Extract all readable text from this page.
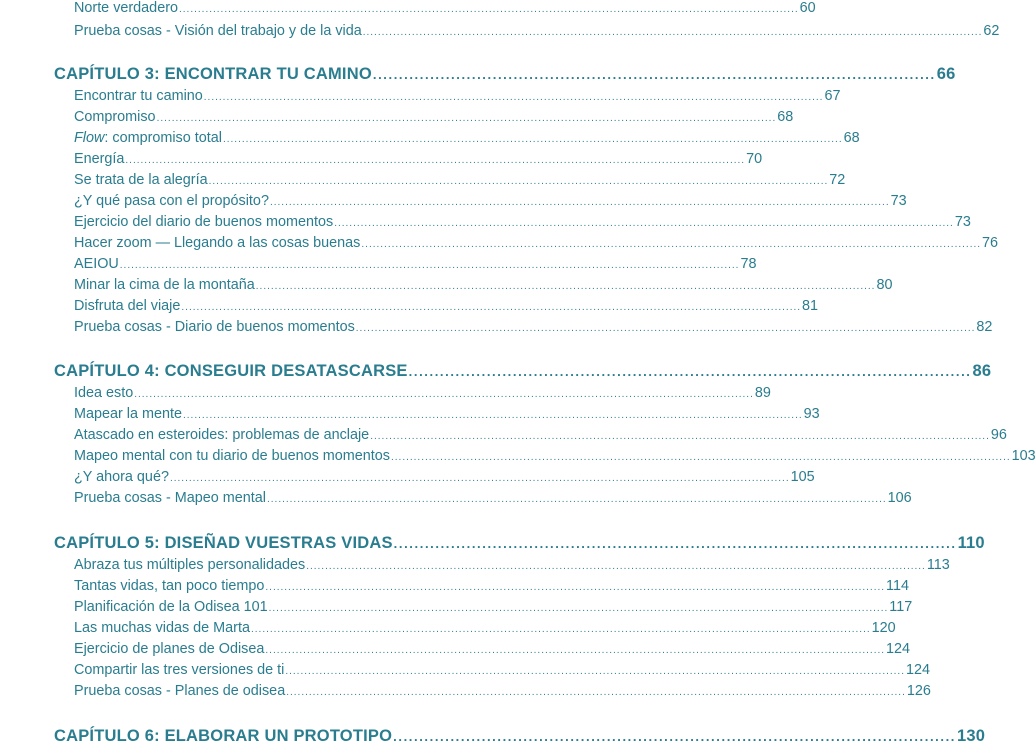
Norte verdadero .................................................................................................................................................................... 60
Prueba cosas - Visión del trabajo y de la vida .................................................................................................................................................................... 62
CAPÍTULO 3: ENCONTRAR TU CAMINO ............................................................................................................ 66
Encontrar tu camino .................................................................................................................................................................... 67
Compromiso .................................................................................................................................................................... 68
Flow: compromiso total .................................................................................................................................................................... 68
Energía .................................................................................................................................................................... 70
Se trata de la alegría .................................................................................................................................................................... 72
¿Y qué pasa con el propósito? .................................................................................................................................................................... 73
Ejercicio del diario de buenos momentos .................................................................................................................................................................... 73
Hacer zoom — Llegando a las cosas buenas .................................................................................................................................................................... 76
AEIOU .................................................................................................................................................................... 78
Minar la cima de la montaña .................................................................................................................................................................... 80
Disfruta del viaje .................................................................................................................................................................... 81
Prueba cosas - Diario de buenos momentos .................................................................................................................................................................... 82
CAPÍTULO 4: CONSEGUIR DESATASCARSE ............................................................................................................ 86
Idea esto .................................................................................................................................................................... 89
Mapear la mente .................................................................................................................................................................... 93
Atascado en esteroides: problemas de anclaje .................................................................................................................................................................... 96
Mapeo mental con tu diario de buenos momentos .................................................................................................................................................................... 103
¿Y ahora qué? .................................................................................................................................................................... 105
Prueba cosas - Mapeo mental .................................................................................................................................................................... 106
CAPÍTULO 5: DISEÑAD VUESTRAS VIDAS ............................................................................................................ 110
Abraza tus múltiples personalidades .................................................................................................................................................................... 113
Tantas vidas, tan poco tiempo .................................................................................................................................................................... 114
Planificación de la Odisea 101 .................................................................................................................................................................... 117
Las muchas vidas de Marta .................................................................................................................................................................... 120
Ejercicio de planes de Odisea .................................................................................................................................................................... 124
Compartir las tres versiones de ti .................................................................................................................................................................... 124
Prueba cosas - Planes de odisea .................................................................................................................................................................... 126
CAPÍTULO 6: ELABORAR UN PROTOTIPO ............................................................................................................ 130
